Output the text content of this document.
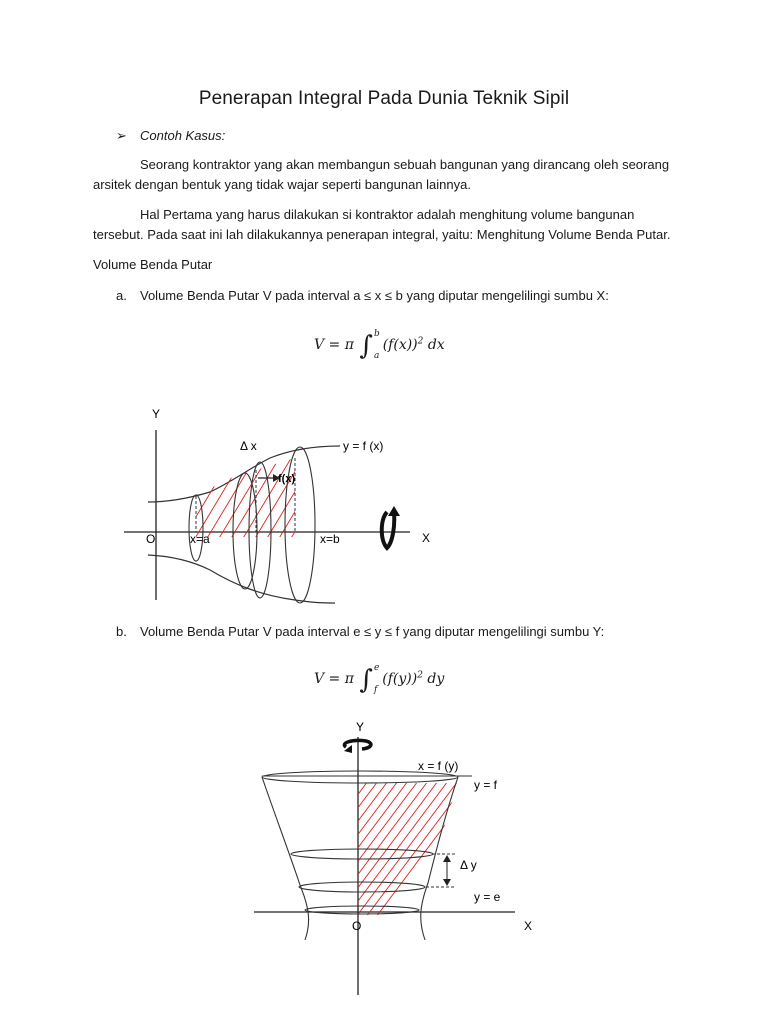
Penerapan Integral Pada Dunia Teknik Sipil
➢ Contoh Kasus:
Seorang kontraktor yang akan membangun sebuah bangunan yang dirancang oleh seorang
arsitek dengan bentuk yang tidak wajar seperti bangunan lainnya.
Hal Pertama yang harus dilakukan si kontraktor adalah menghitung volume bangunan
tersebut. Pada saat ini lah dilakukannya penerapan integral, yaitu: Menghitung Volume Benda Putar.
Volume Benda Putar
a. Volume Benda Putar V pada interval a ≤ x ≤ b yang diputar mengelilingi sumbu X:
V = π ∫ b
a
$(f(x))^2$ dx
Y
X
O
Δ x	y = f (x)
f(x)
x=a	x=b
b. Volume Benda Putar V pada interval e ≤ y ≤ f yang diputar mengelilingi sumbu Y:
V = π ∫ e
f
$(f(y))^2$ dy
Y
X
O
x = f (y)
y = f
Δ y
y = e
